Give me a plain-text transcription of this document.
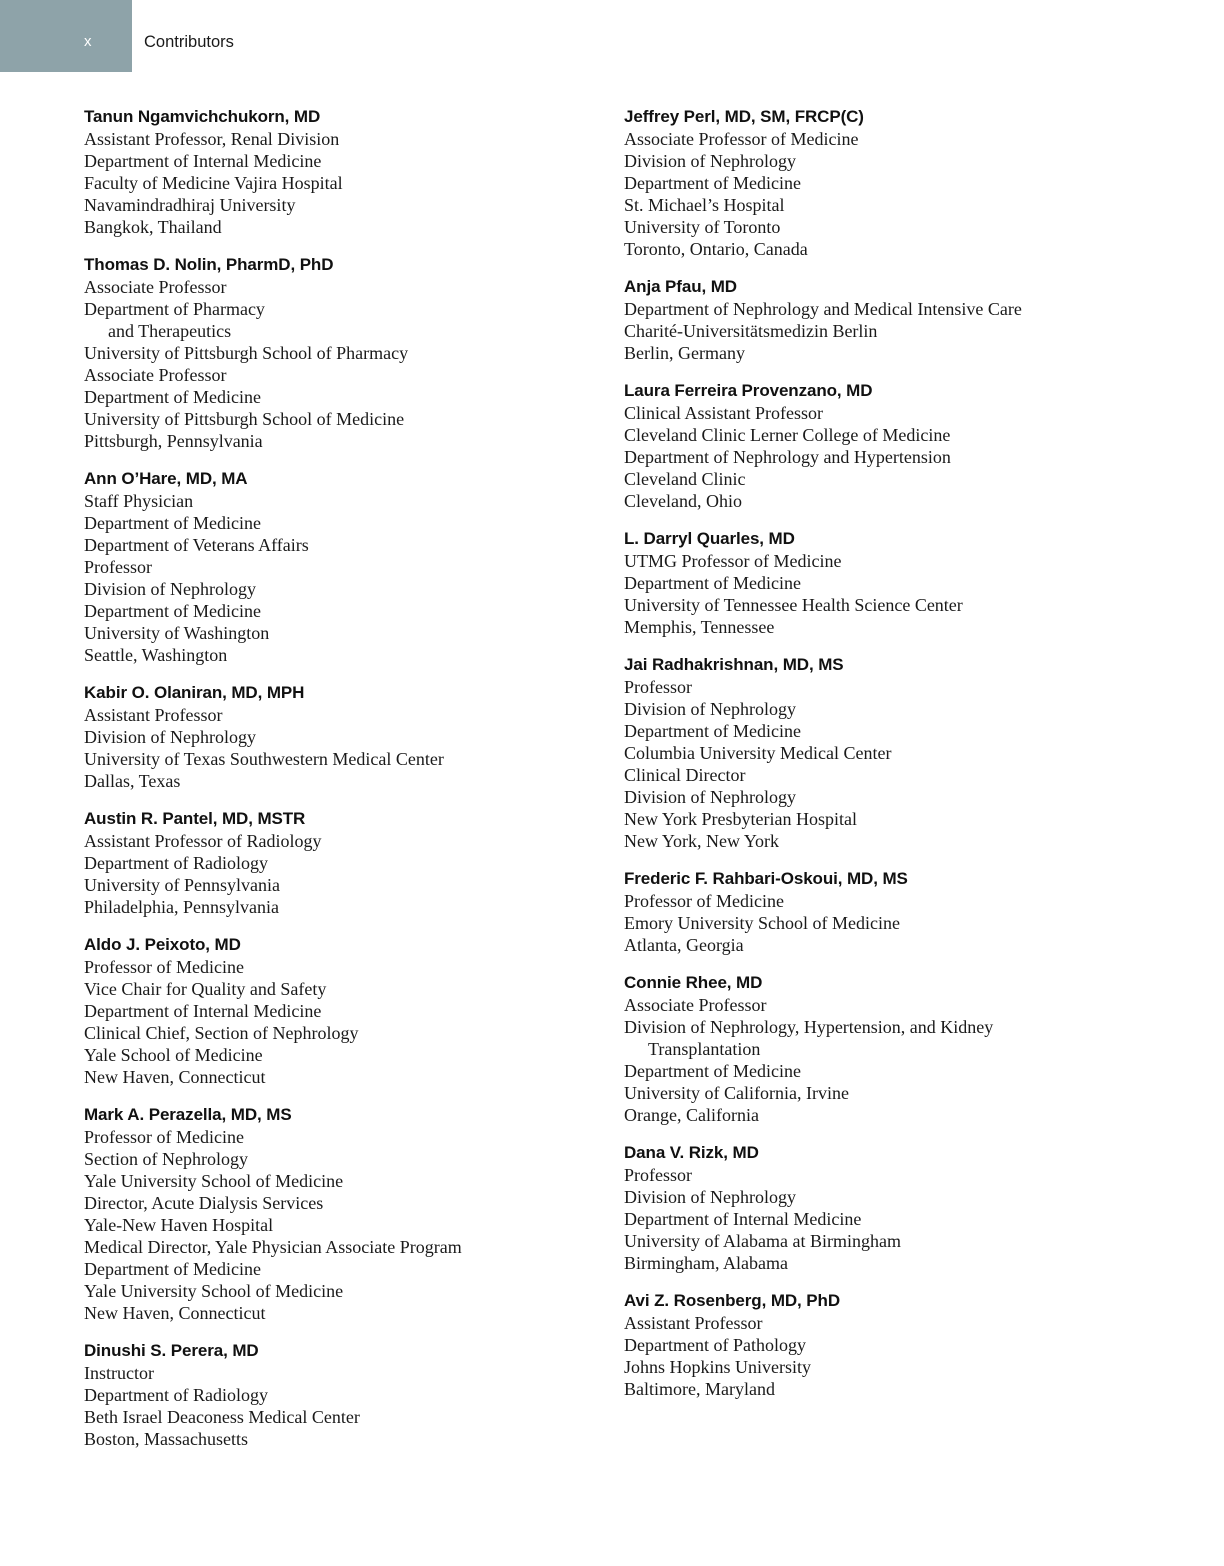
x	Contributors
Tanun Ngamvichchukorn, MD
Assistant Professor, Renal Division
Department of Internal Medicine
Faculty of Medicine Vajira Hospital
Navamindradhiraj University
Bangkok, Thailand
Thomas D. Nolin, PharmD, PhD
Associate Professor
Department of Pharmacy
and Therapeutics
University of Pittsburgh School of Pharmacy
Associate Professor
Department of Medicine
University of Pittsburgh School of Medicine
Pittsburgh, Pennsylvania
Ann O’Hare, MD, MA
Staff Physician
Department of Medicine
Department of Veterans Affairs
Professor
Division of Nephrology
Department of Medicine
University of Washington
Seattle, Washington
Kabir O. Olaniran, MD, MPH
Assistant Professor
Division of Nephrology
University of Texas Southwestern Medical Center
Dallas, Texas
Austin R. Pantel, MD, MSTR
Assistant Professor of Radiology
Department of Radiology
University of Pennsylvania
Philadelphia, Pennsylvania
Aldo J. Peixoto, MD
Professor of Medicine
Vice Chair for Quality and Safety
Department of Internal Medicine
Clinical Chief, Section of Nephrology
Yale School of Medicine
New Haven, Connecticut
Mark A. Perazella, MD, MS
Professor of Medicine
Section of Nephrology
Yale University School of Medicine
Director, Acute Dialysis Services
Yale-New Haven Hospital
Medical Director, Yale Physician Associate Program
Department of Medicine
Yale University School of Medicine
New Haven, Connecticut
Dinushi S. Perera, MD
Instructor
Department of Radiology
Beth Israel Deaconess Medical Center
Boston, Massachusetts
Jeffrey Perl, MD, SM, FRCP(C)
Associate Professor of Medicine
Division of Nephrology
Department of Medicine
St. Michael’s Hospital
University of Toronto
Toronto, Ontario, Canada
Anja Pfau, MD
Department of Nephrology and Medical Intensive Care
Charité-Universitätsmedizin Berlin
Berlin, Germany
Laura Ferreira Provenzano, MD
Clinical Assistant Professor
Cleveland Clinic Lerner College of Medicine
Department of Nephrology and Hypertension
Cleveland Clinic
Cleveland, Ohio
L. Darryl Quarles, MD
UTMG Professor of Medicine
Department of Medicine
University of Tennessee Health Science Center
Memphis, Tennessee
Jai Radhakrishnan, MD, MS
Professor
Division of Nephrology
Department of Medicine
Columbia University Medical Center
Clinical Director
Division of Nephrology
New York Presbyterian Hospital
New York, New York
Frederic F. Rahbari-Oskoui, MD, MS
Professor of Medicine
Emory University School of Medicine
Atlanta, Georgia
Connie Rhee, MD
Associate Professor
Division of Nephrology, Hypertension, and Kidney
Transplantation
Department of Medicine
University of California, Irvine
Orange, California
Dana V. Rizk, MD
Professor
Division of Nephrology
Department of Internal Medicine
University of Alabama at Birmingham
Birmingham, Alabama
Avi Z. Rosenberg, MD, PhD
Assistant Professor
Department of Pathology
Johns Hopkins University
Baltimore, Maryland
